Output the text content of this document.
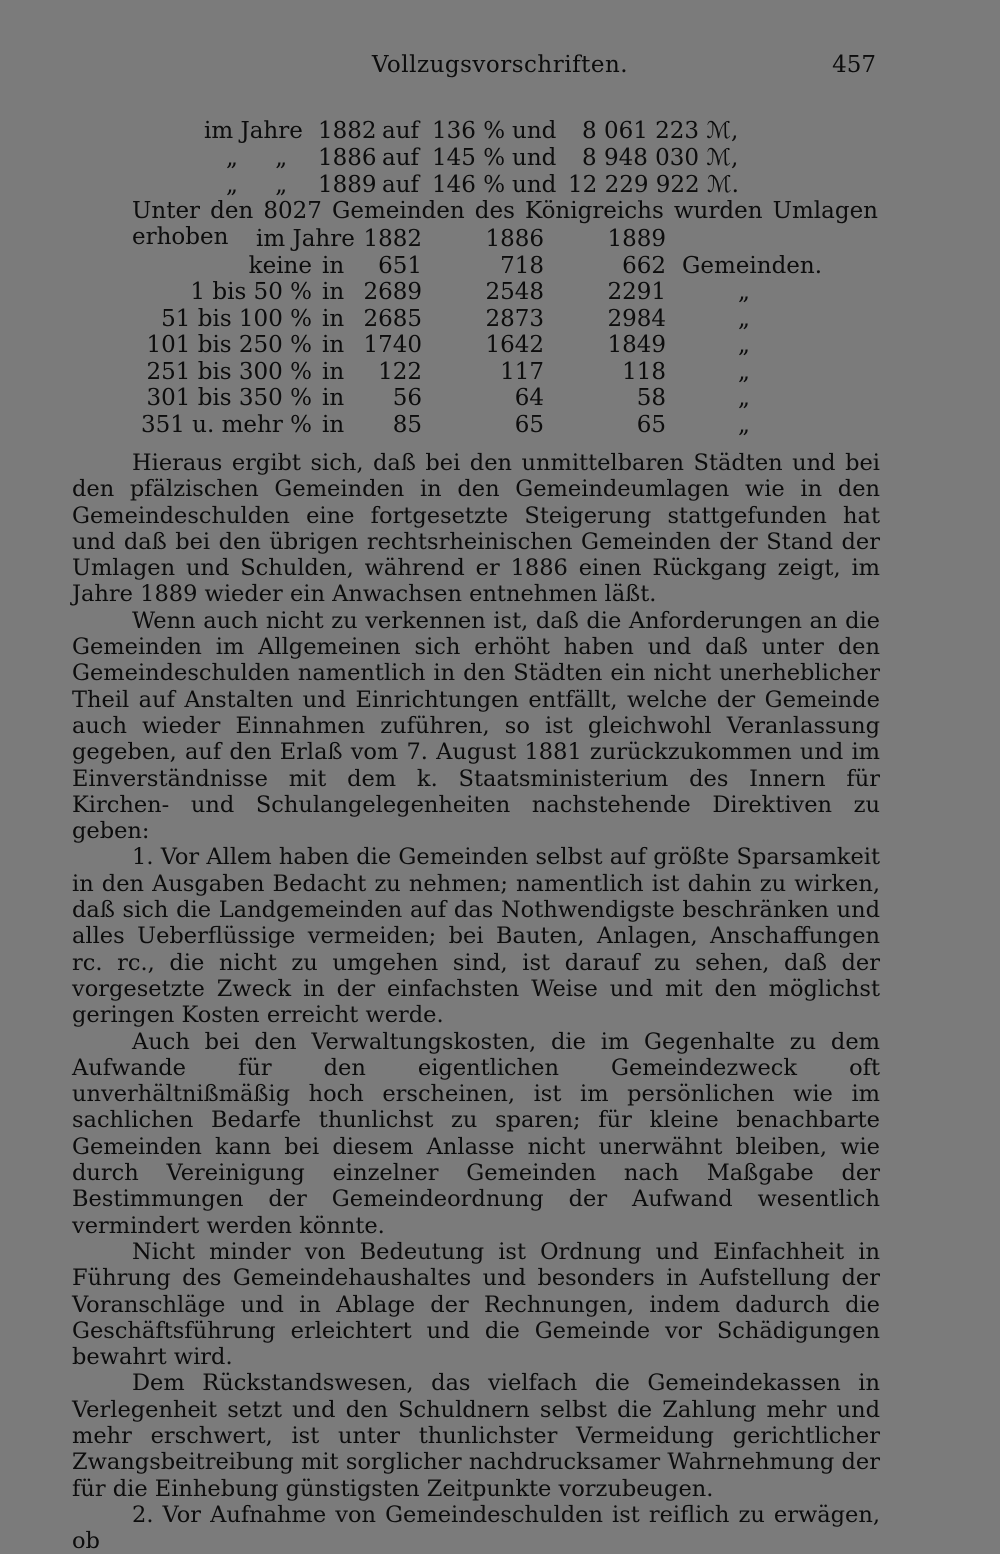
Vollzugsvorschriften.	457
im Jahre 1882 auf 136 % und 8 061 223 ℳ,
„ „ 1886 auf 145 % und 8 948 030 ℳ,
„ „ 1889 auf 146 % und 12 229 922 ℳ.
Unter den 8027 Gemeinden des Königreichs wurden Umlagen erhoben	im Jahre 1882	1886	1889
keine in	651	718	662 Gemeinden.
1 bis 50 % in 2689	2548	2291	„
51 bis 100 % in 2685	2873	2984	„
101 bis 250 % in 1740	1642	1849	„
251 bis 300 % in	122	117	118	„
301 bis 350 % in	56	64	58	„
351 u. mehr % in	85	65	65	„

Hieraus ergibt sich, daß bei den unmittelbaren Städten und bei den pfälzischen Gemeinden in den Gemeindeumlagen wie in den Gemeindeschulden eine fortgesetzte Steigerung stattgefunden hat und daß bei den übrigen rechtsrheinischen Gemeinden der Stand der Umlagen und Schulden, während er 1886 einen Rückgang zeigt, im Jahre 1889 wieder ein Anwachsen entnehmen läßt.

Wenn auch nicht zu verkennen ist, daß die Anforderungen an die Gemeinden im Allgemeinen sich erhöht haben und daß unter den Gemeindeschulden namentlich in den Städten ein nicht unerheblicher Theil auf Anstalten und Einrichtungen entfällt, welche der Gemeinde auch wieder Einnahmen zuführen, so ist gleichwohl Veranlassung gegeben, auf den Erlaß vom 7. August 1881 zurückzukommen und im Einverständnisse mit dem k. Staatsministerium des Innern für Kirchen- und Schulangelegenheiten nachstehende Direktiven zu geben:

1. Vor Allem haben die Gemeinden selbst auf größte Sparsamkeit in den Ausgaben Bedacht zu nehmen; namentlich ist dahin zu wirken, daß sich die Landgemeinden auf das Nothwendigste beschränken und alles Ueberflüssige vermeiden; bei Bauten, Anlagen, Anschaffungen rc. rc., die nicht zu umgehen sind, ist darauf zu sehen, daß der vorgesetzte Zweck in der einfachsten Weise und mit den möglichst geringen Kosten erreicht werde.

Auch bei den Verwaltungskosten, die im Gegenhalte zu dem Aufwande für den eigentlichen Gemeindezweck oft unverhältnißmäßig hoch erscheinen, ist im persönlichen wie im sachlichen Bedarfe thunlichst zu sparen; für kleine benachbarte Gemeinden kann bei diesem Anlasse nicht unerwähnt bleiben, wie durch Vereinigung einzelner Gemeinden nach Maßgabe der Bestimmungen der Gemeindeordnung der Aufwand wesentlich vermindert werden könnte.

Nicht minder von Bedeutung ist Ordnung und Einfachheit in Führung des Gemeindehaushaltes und besonders in Aufstellung der Voranschläge und in Ablage der Rechnungen, indem dadurch die Geschäftsführung erleichtert und die Gemeinde vor Schädigungen bewahrt wird.

Dem Rückstandswesen, das vielfach die Gemeindekassen in Verlegenheit setzt und den Schuldnern selbst die Zahlung mehr und mehr erschwert, ist unter thunlichster Vermeidung gerichtlicher Zwangsbeitreibung mit sorglicher nachdrucksamer Wahrnehmung der für die Einhebung günstigsten Zeitpunkte vorzubeugen.

2. Vor Aufnahme von Gemeindeschulden ist reiflich zu erwägen, ob
